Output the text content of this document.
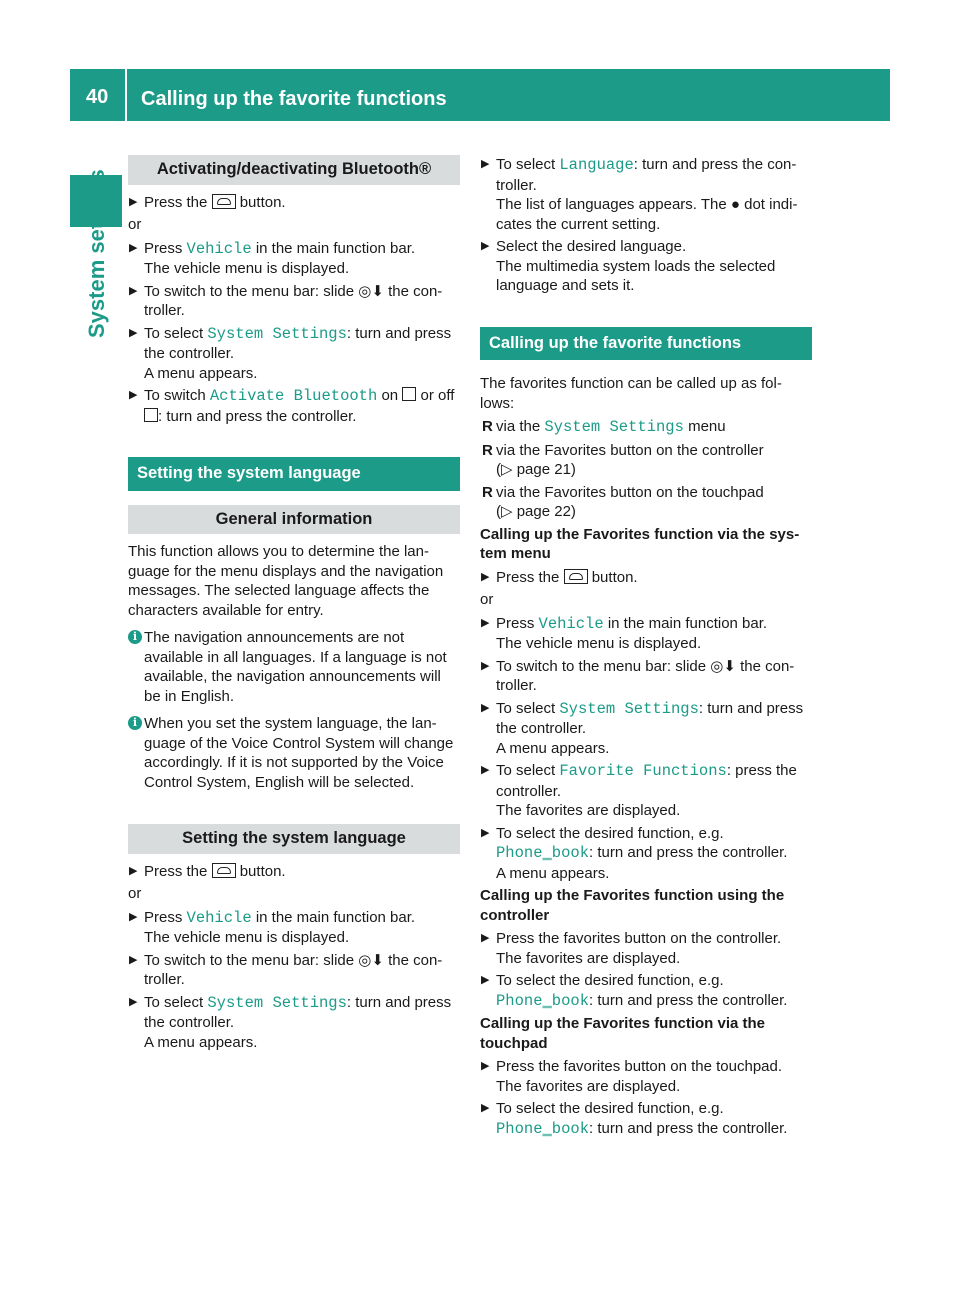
40 Calling up the favorite functions
System settings
Activating/deactivating Bluetooth®
▶ Press the button.

or

▶ Press Vehicle in the main function bar.
The vehicle menu is displayed.
▶ To switch to the menu bar: slide ◎⬇ the con-troller.
▶ To select System Settings: turn and press the controller.
A menu appears.
▶ To switch Activate Bluetooth on or off
: turn and press the controller.
Setting the system language
General information

This function allows you to determine the lan-guage for the menu displays and the navigation messages. The selected language affects the characters available for entry.

i The navigation announcements are not available in all languages. If a language is not available, the navigation announcements will be in English.
i When you set the system language, the lan-guage of the Voice Control System will change accordingly. If it is not supported by the Voice Control System, English will be selected.
Setting the system language
▶ Press the button.

or

▶ Press Vehicle in the main function bar.
The vehicle menu is displayed.
▶ To switch to the menu bar: slide ◎⬇ the con-troller.
▶ To select System Settings: turn and press the controller.
A menu appears.
▶ To select Language: turn and press the con-troller.
The list of languages appears. The ● dot indi-cates the current setting.
▶ Select the desired language.
The multimedia system loads the selected language and sets it.
Calling up the favorite functions

The favorites function can be called up as fol-lows:

R via the System Settings menu
R via the Favorites button on the controller
(▷ page 21)
R via the Favorites button on the touchpad
(▷ page 22)

Calling up the Favorites function via the sys-tem menu

▶ Press the button.

or

▶ Press Vehicle in the main function bar.
The vehicle menu is displayed.
▶ To switch to the menu bar: slide ◎⬇ the con-troller.
▶ To select System Settings: turn and press the controller.
A menu appears.
▶ To select Favorite Functions: press the controller.
The favorites are displayed.
▶ To select the desired function, e.g. Phone‗book: turn and press the controller.
A menu appears.

Calling up the Favorites function using the controller

▶ Press the favorites button on the controller.
The favorites are displayed.
▶ To select the desired function, e.g. Phone‗book: turn and press the controller.

Calling up the Favorites function via the touchpad

▶ Press the favorites button on the touchpad.
The favorites are displayed.
▶ To select the desired function, e.g. Phone‗book: turn and press the controller.
